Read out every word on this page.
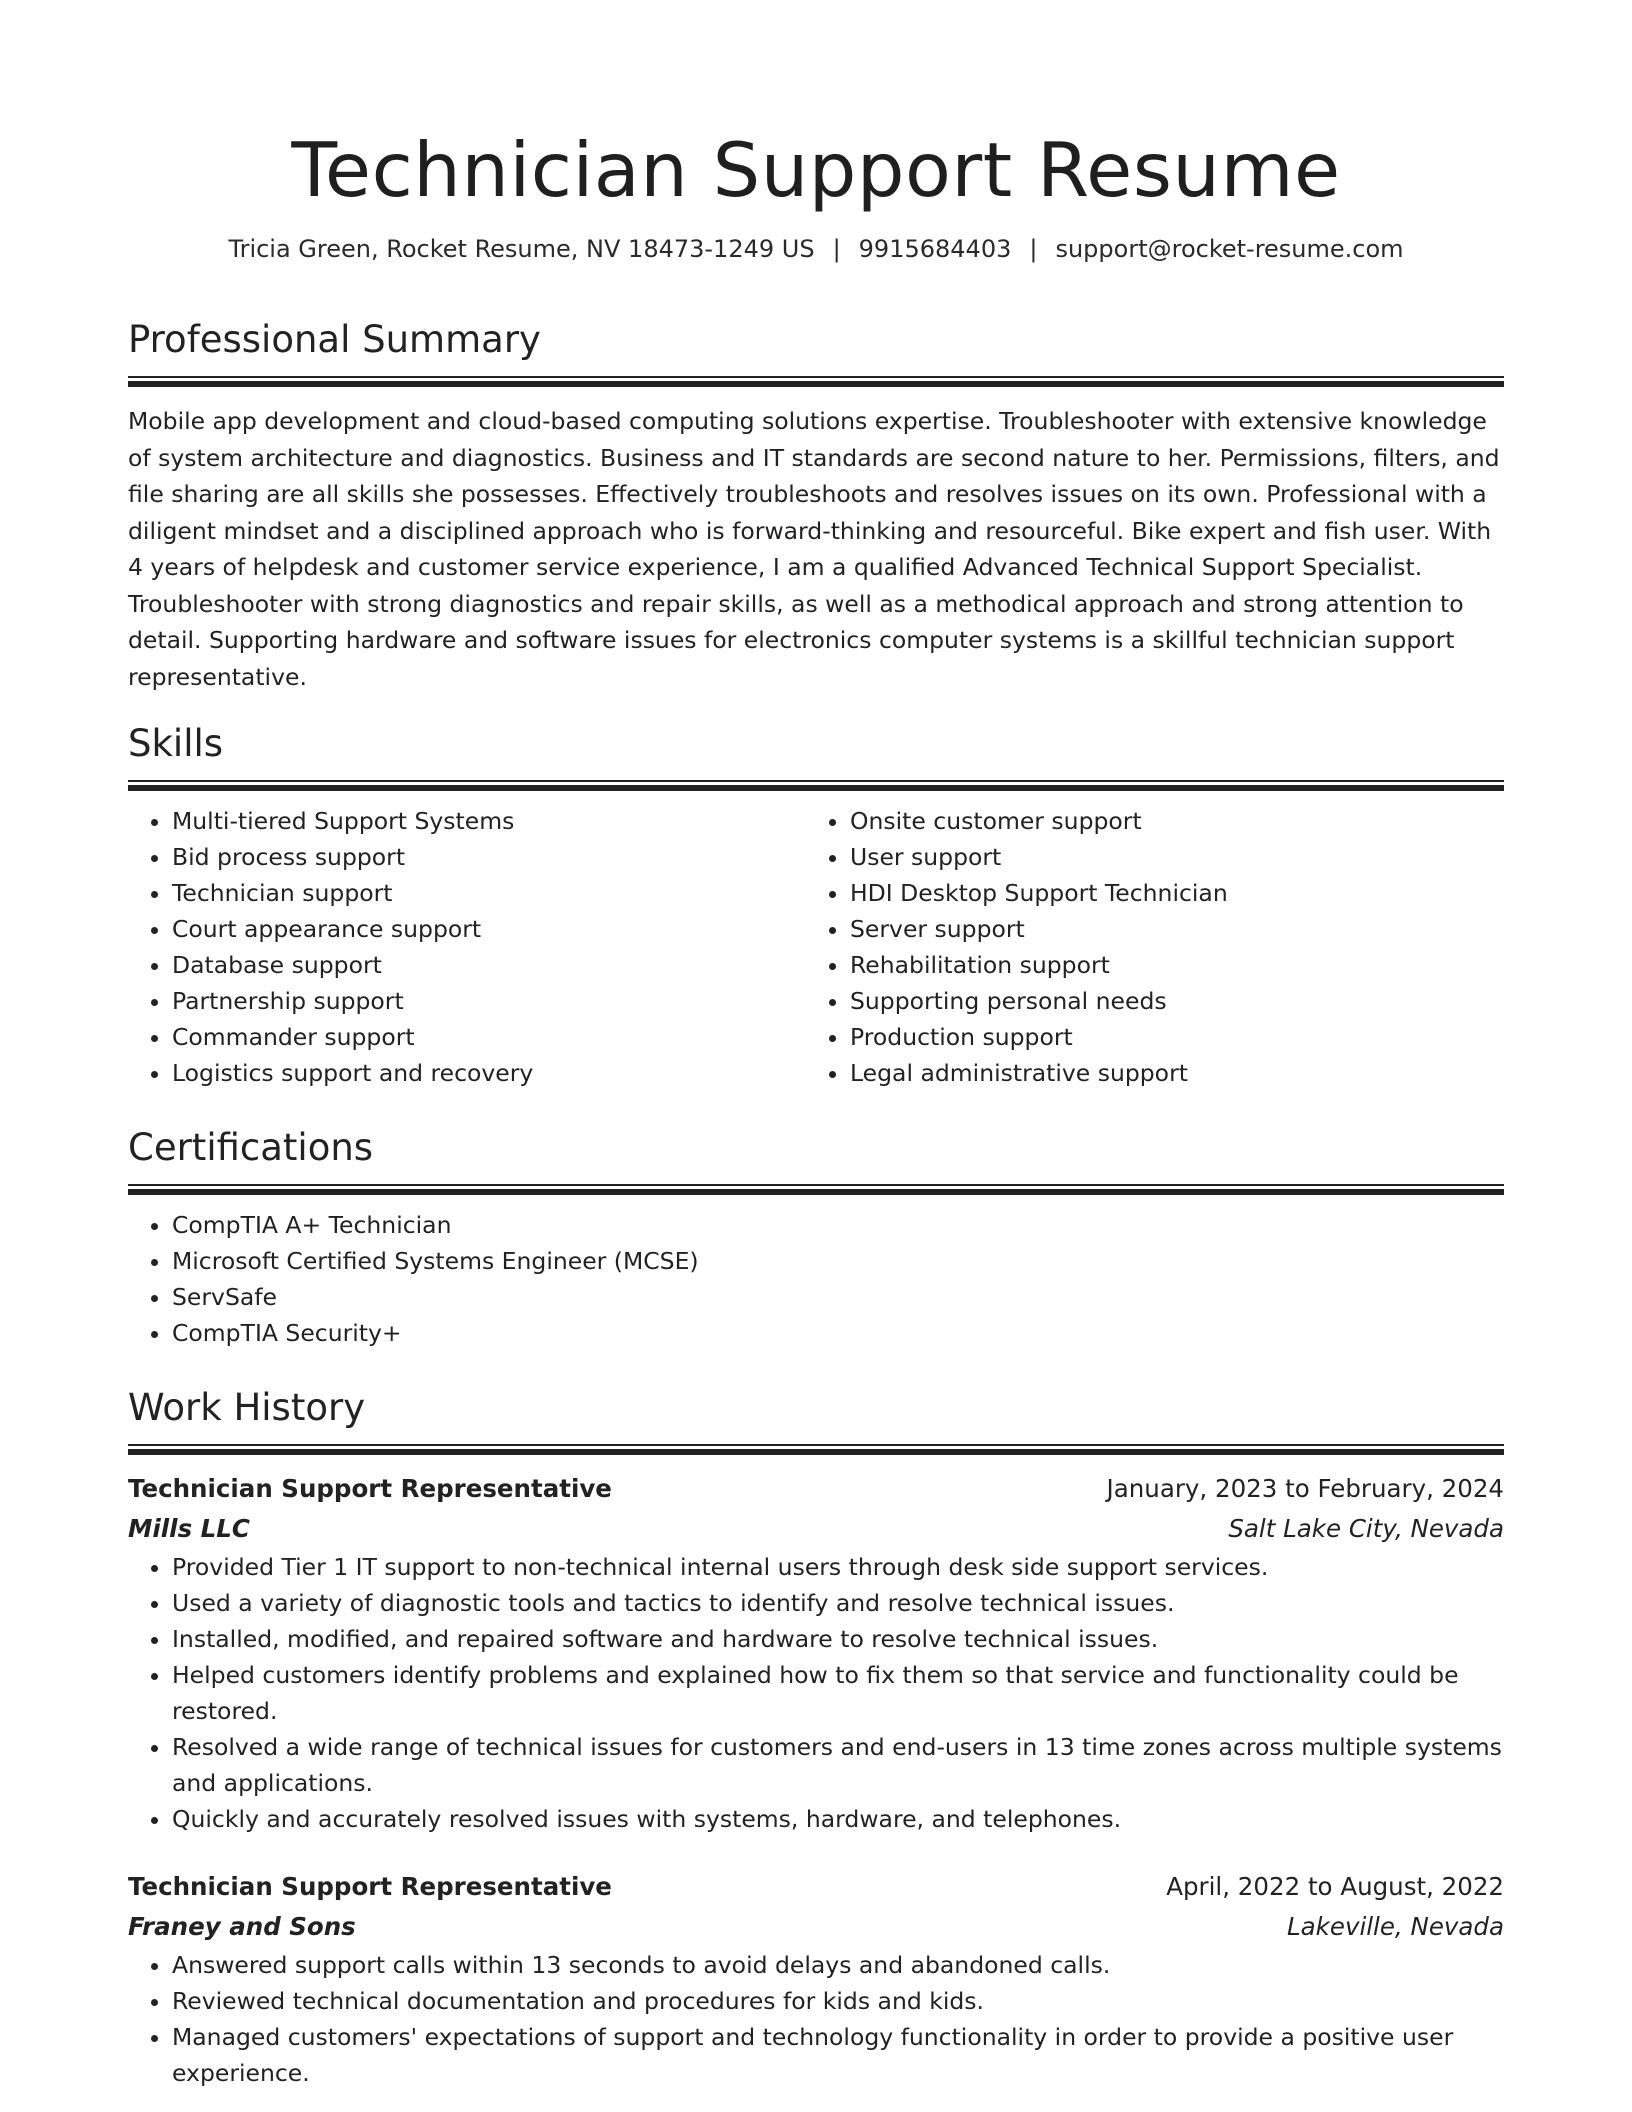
Technician Support Resume
Tricia Green, Rocket Resume, NV 18473-1249 US | 9915684403 | support@rocket-resume.com
Professional Summary
Mobile app development and cloud-based computing solutions expertise. Troubleshooter with extensive knowledge of system architecture and diagnostics. Business and IT standards are second nature to her. Permissions, filters, and file sharing are all skills she possesses. Effectively troubleshoots and resolves issues on its own. Professional with a diligent mindset and a disciplined approach who is forward-thinking and resourceful. Bike expert and fish user. With 4 years of helpdesk and customer service experience, I am a qualified Advanced Technical Support Specialist. Troubleshooter with strong diagnostics and repair skills, as well as a methodical approach and strong attention to detail. Supporting hardware and software issues for electronics computer systems is a skillful technician support representative.
Skills
• Multi-tiered Support Systems
• Bid process support
• Technician support
• Court appearance support
• Database support
• Partnership support
• Commander support
• Logistics support and recovery
• Onsite customer support
• User support
• HDI Desktop Support Technician
• Server support
• Rehabilitation support
• Supporting personal needs
• Production support
• Legal administrative support
Certifications
• CompTIA A+ Technician
• Microsoft Certified Systems Engineer (MCSE)
• ServSafe
• CompTIA Security+
Work History
Technician Support Representative	January, 2023 to February, 2024
Mills LLC	Salt Lake City, Nevada
• Provided Tier 1 IT support to non-technical internal users through desk side support services.
• Used a variety of diagnostic tools and tactics to identify and resolve technical issues.
• Installed, modified, and repaired software and hardware to resolve technical issues.
• Helped customers identify problems and explained how to fix them so that service and functionality could be restored.
• Resolved a wide range of technical issues for customers and end-users in 13 time zones across multiple systems and applications.
• Quickly and accurately resolved issues with systems, hardware, and telephones.
Technician Support Representative	April, 2022 to August, 2022
Franey and Sons	Lakeville, Nevada
• Answered support calls within 13 seconds to avoid delays and abandoned calls.
• Reviewed technical documentation and procedures for kids and kids.
• Managed customers' expectations of support and technology functionality in order to provide a positive user experience.
